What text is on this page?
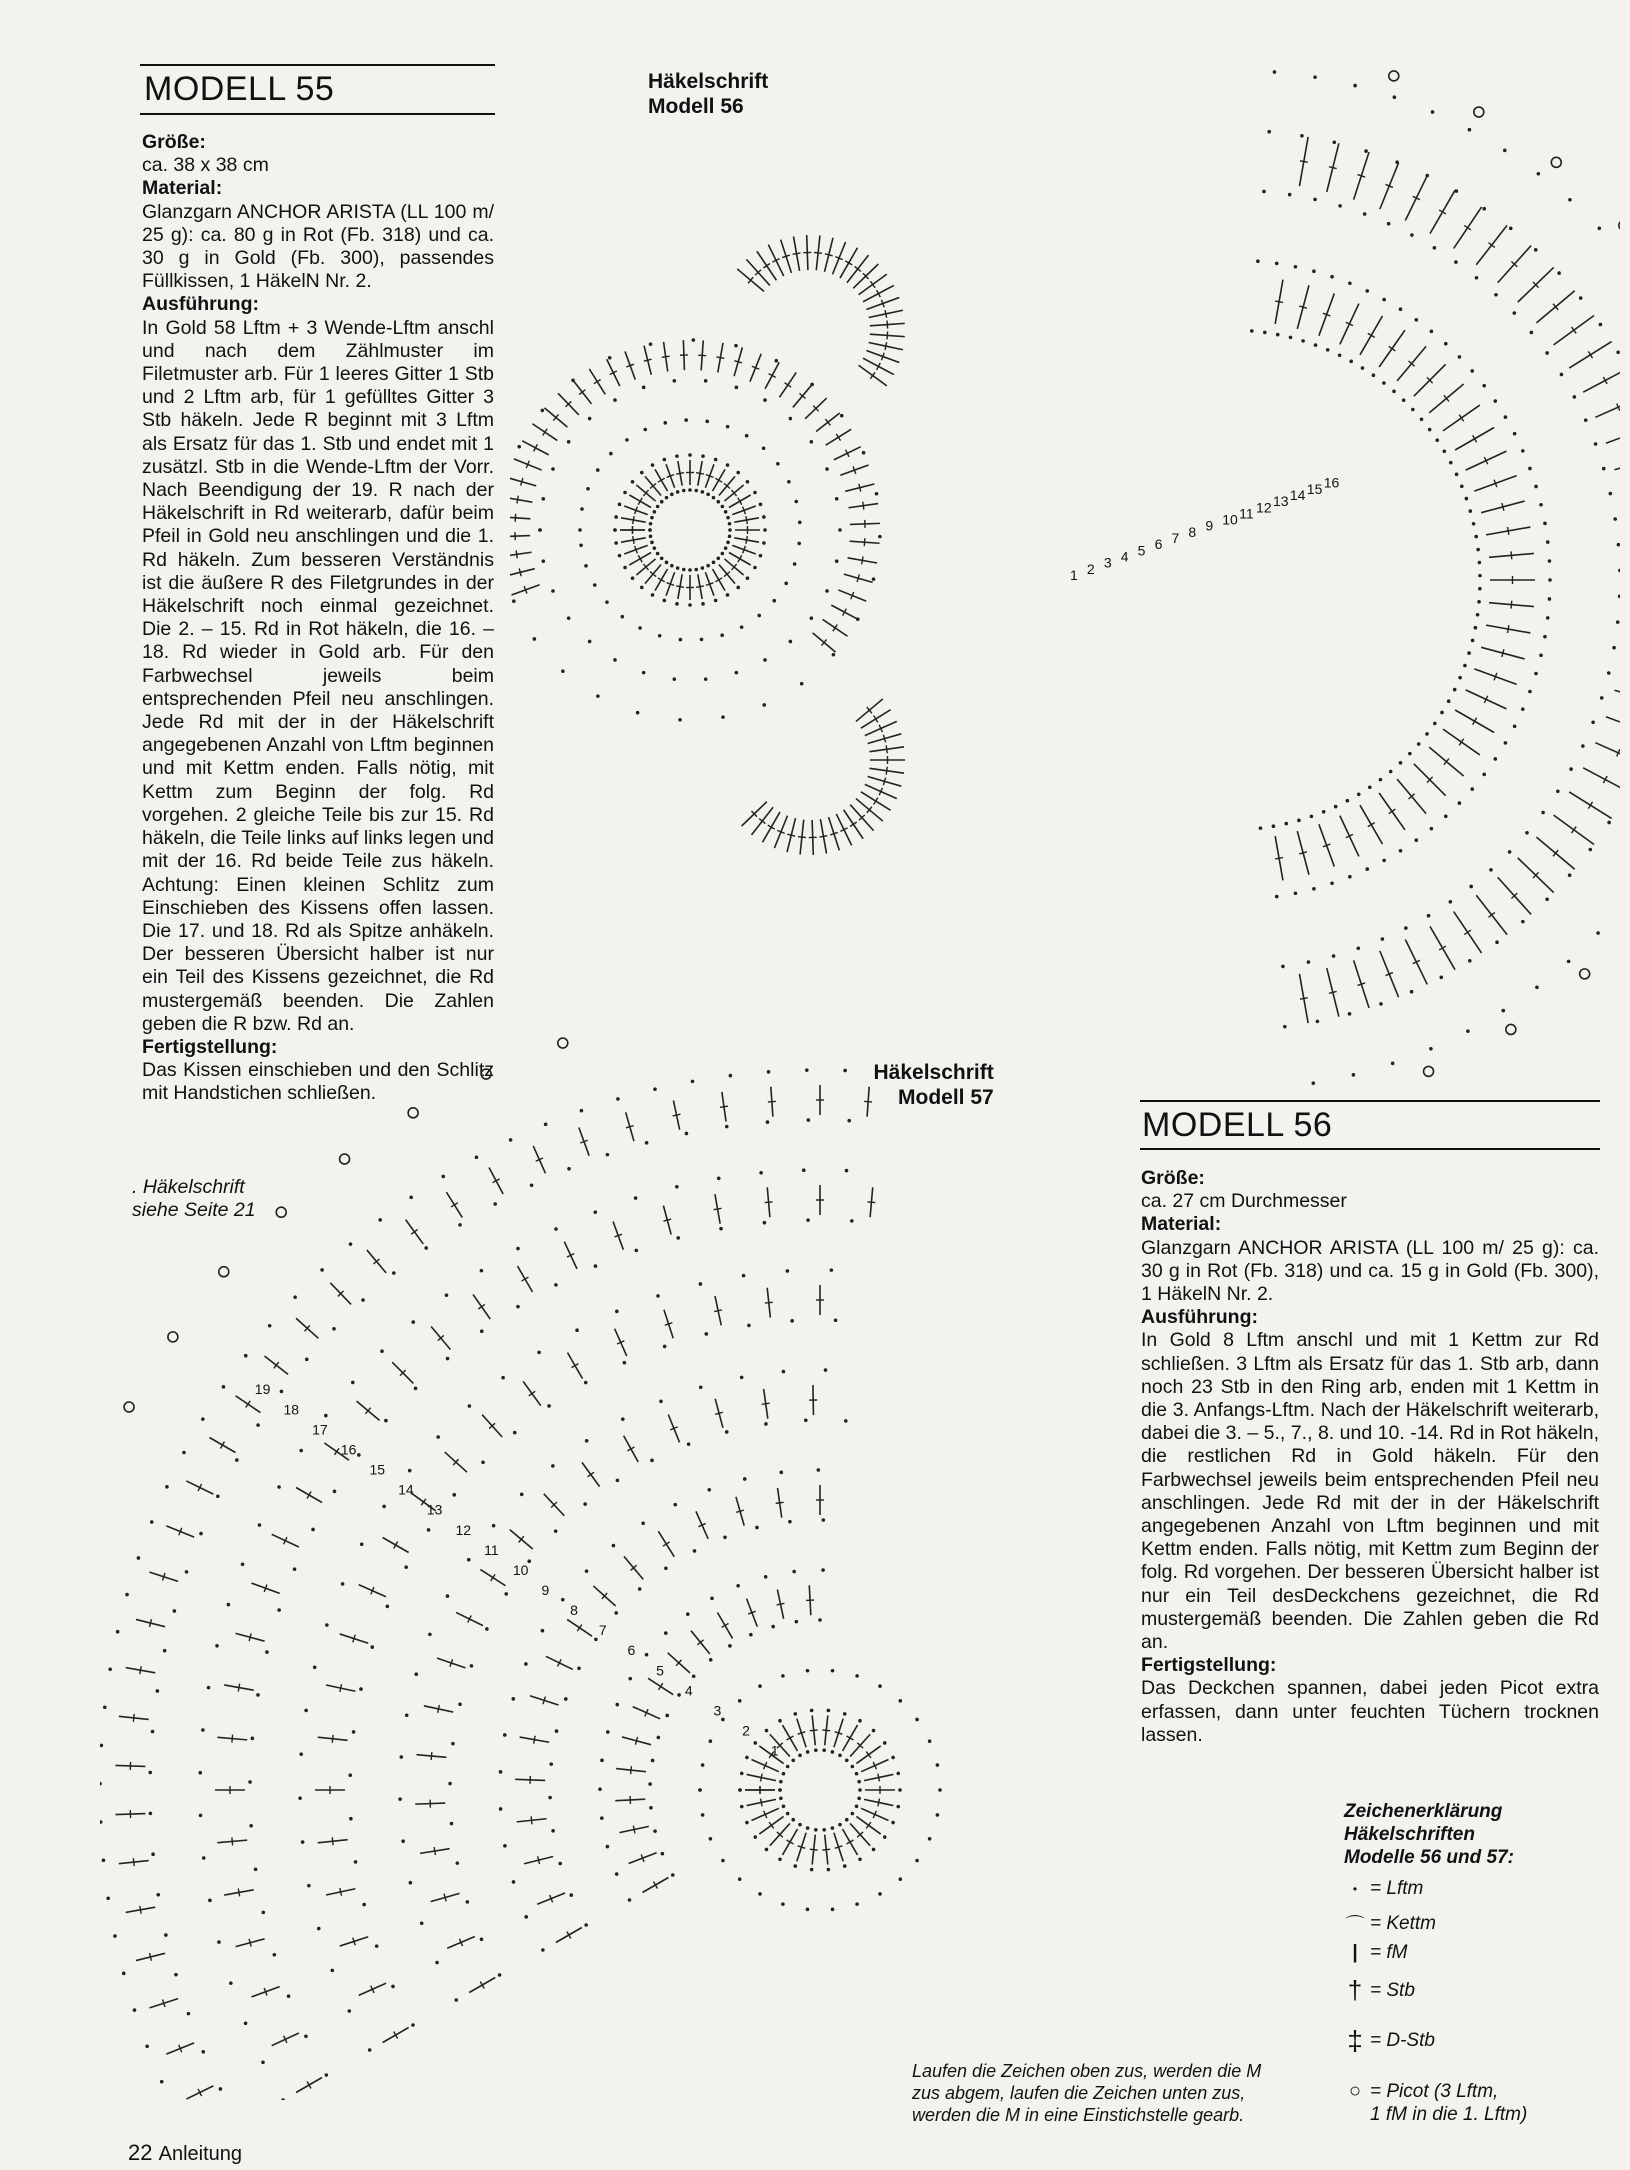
MODELL 55
Größe:
ca. 38 x 38 cm
Material:
Glanzgarn ANCHOR ARISTA (LL 100 m/ 25 g): ca. 80 g in Rot (Fb. 318) und ca. 30 g in Gold (Fb. 300), passendes Füllkissen, 1 HäkelN Nr. 2.
Ausführung:
In Gold 58 Lftm + 3 Wende-Lftm anschl und nach dem Zählmuster im Filetmuster arb. Für 1 leeres Gitter 1 Stb und 2 Lftm arb, für 1 gefülltes Gitter 3 Stb häkeln. Jede R beginnt mit 3 Lftm als Ersatz für das 1. Stb und endet mit 1 zusätzl. Stb in die Wende-Lftm der Vorr. Nach Beendigung der 19. R nach der Häkelschrift in Rd weiterarb, dafür beim Pfeil in Gold neu anschlingen und die 1. Rd häkeln. Zum besseren Verständnis ist die äußere R des Filetgrundes in der Häkelschrift noch einmal gezeichnet. Die 2. – 15. Rd in Rot häkeln, die 16. – 18. Rd wieder in Gold arb. Für den Farbwechsel jeweils beim entsprechenden Pfeil neu anschlingen. Jede Rd mit der in der Häkelschrift angegebenen Anzahl von Lftm beginnen und mit Kettm enden. Falls nötig, mit Kettm zum Beginn der folg. Rd vorgehen. 2 gleiche Teile bis zur 15. Rd häkeln, die Teile links auf links legen und mit der 16. Rd beide Teile zus häkeln. Achtung: Einen kleinen Schlitz zum Einschieben des Kissens offen lassen. Die 17. und 18. Rd als Spitze anhäkeln. Der besseren Übersicht halber ist nur ein Teil des Kissens gezeichnet, die Rd mustergemäß beenden. Die Zahlen geben die R bzw. Rd an.
Fertigstellung:
Das Kissen einschieben und den Schlitz mit Handstichen schließen.
. Häkelschrift siehe Seite 21
Häkelschrift
Modell 56
1 2 3 4 5 6 7 8 9 10 11 12 13 14 15 16
Häkelschrift
Modell 57
1
2
3
4
5
6
7
8
9
10
11
12
13
14
15
16
17
18
19
MODELL 56
Größe:
ca. 27 cm Durchmesser
Material:
Glanzgarn ANCHOR ARISTA (LL 100 m/ 25 g): ca. 30 g in Rot (Fb. 318) und ca. 15 g in Gold (Fb. 300), 1 HäkelN Nr. 2.
Ausführung:
In Gold 8 Lftm anschl und mit 1 Kettm zur Rd schließen. 3 Lftm als Ersatz für das 1. Stb arb, dann noch 23 Stb in den Ring arb, enden mit 1 Kettm in die 3. Anfangs-Lftm. Nach der Häkelschrift weiterarb, dabei die 3. – 5., 7., 8. und 10. -14. Rd in Rot häkeln, die restlichen Rd in Gold häkeln. Für den Farbwechsel jeweils beim entsprechenden Pfeil neu anschlingen. Jede Rd mit der in der Häkelschrift angegebenen Anzahl von Lftm beginnen und mit Kettm enden. Falls nötig, mit Kettm zum Beginn der folg. Rd vorgehen. Der besseren Übersicht halber ist nur ein Teil desDeckchens gezeichnet, die Rd mustergemäß beenden. Die Zahlen geben die Rd an.
Fertigstellung:
Das Deckchen spannen, dabei jeden Picot extra erfassen, dann unter feuchten Tüchern trocknen lassen.
Zeichenerklärung
Häkelschriften
Modelle 56 und 57:
• = Lftm
⌒ = Kettm
| = fM
† = Stb
‡ = D-Stb
○ = Picot (3 Lftm,
1 fM in die 1. Lftm)
Laufen die Zeichen oben zus, werden die M zus abgem, laufen die Zeichen unten zus, werden die M in eine Einstichstelle gearb.
22 Anleitung
